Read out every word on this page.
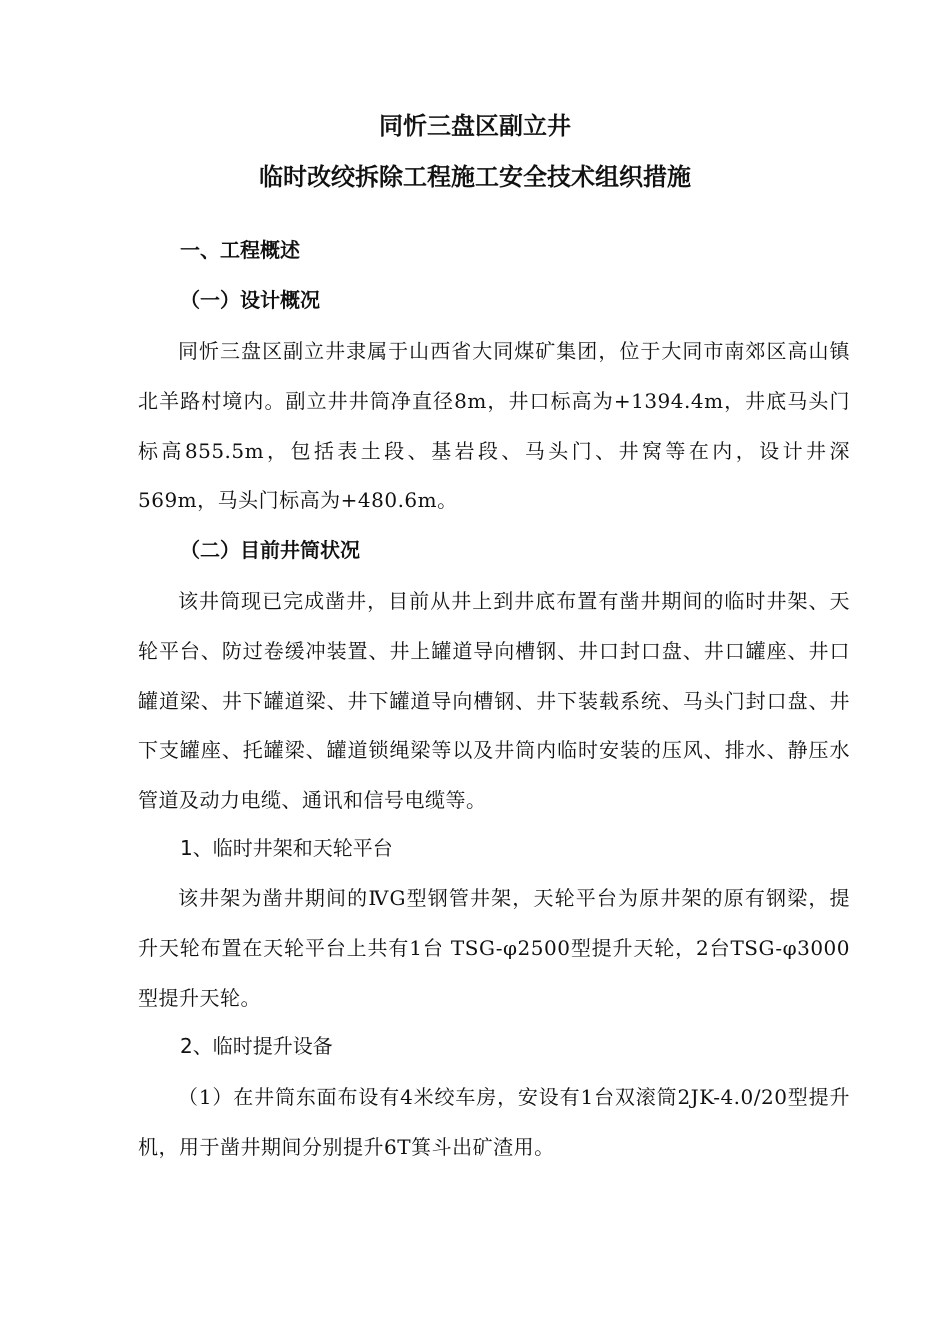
同忻三盘区副立井
临时改绞拆除工程施工安全技术组织措施
一、工程概述
（一）设计概况

同忻三盘区副立井隶属于山西省大同煤矿集团，位于大同市南郊区高山镇北羊路村境内。副立井井筒净直径8m，井口标高为+1394.4m，井底马头门标高855.5m，包括表土段、基岩段、马头门、井窝等在内，设计井深569m，马头门标高为+480.6m。

（二）目前井筒状况

该井筒现已完成凿井，目前从井上到井底布置有凿井期间的临时井架、天轮平台、防过卷缓冲装置、井上罐道导向槽钢、井口封口盘、井口罐座、井口罐道梁、井下罐道梁、井下罐道导向槽钢、井下装载系统、马头门封口盘、井下支罐座、托罐梁、罐道锁绳梁等以及井筒内临时安装的压风、排水、静压水管道及动力电缆、通讯和信号电缆等。

1、临时井架和天轮平台

该井架为凿井期间的ⅣG型钢管井架，天轮平台为原井架的原有钢梁，提升天轮布置在天轮平台上共有1台 TSG-φ2500型提升天轮，2台TSG-φ3000型提升天轮。

2、临时提升设备

（1）在井筒东面布设有4米绞车房，安设有1台双滚筒2JK-4.0/20型提升机，用于凿井期间分别提升6T箕斗出矿渣用。
